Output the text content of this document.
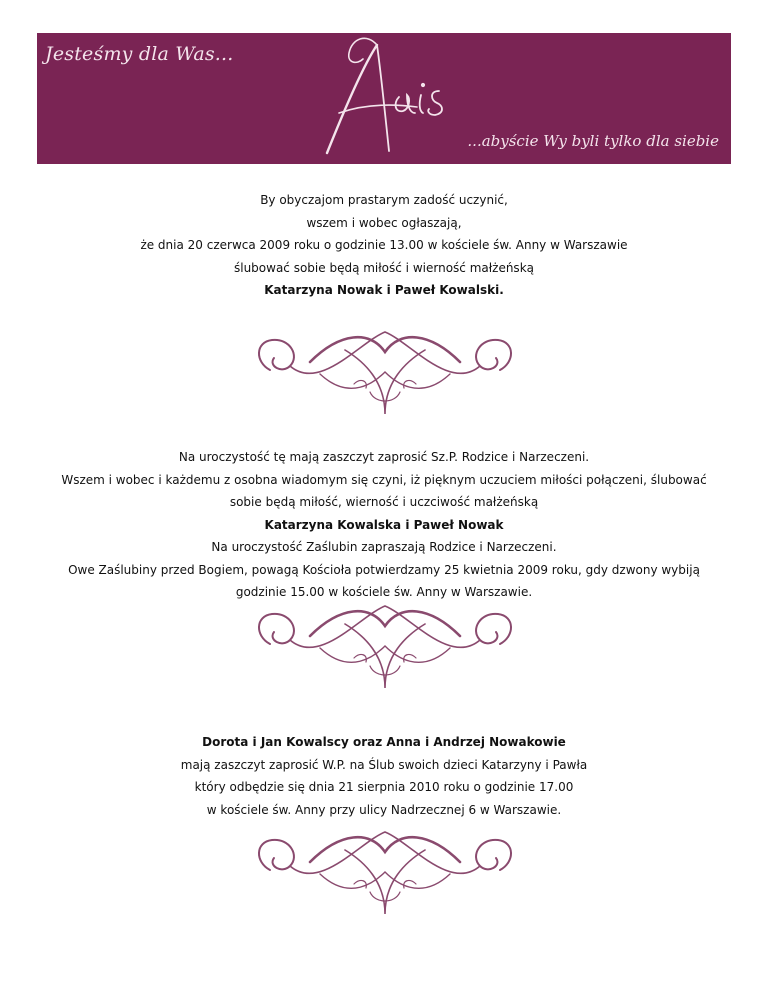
Jesteśmy dla Was...
...abyście Wy byli tylko dla siebie
By obyczajom prastarym zadość uczynić,
wszem i wobec ogłaszają,
że dnia 20 czerwca 2009 roku o godzinie 13.00 w kościele św. Anny w Warszawie
ślubować sobie będą miłość i wierność małżeńską
Katarzyna Nowak i Paweł Kowalski.
Na uroczystość tę mają zaszczyt zaprosić Sz.P. Rodzice i Narzeczeni.
Wszem i wobec i każdemu z osobna wiadomym się czyni, iż pięknym uczuciem miłości połączeni, ślubować
sobie będą miłość, wierność i uczciwość małżeńską
Katarzyna Kowalska i Paweł Nowak
Na uroczystość Zaślubin zapraszają Rodzice i Narzeczeni.
Owe Zaślubiny przed Bogiem, powagą Kościoła potwierdzamy 25 kwietnia 2009 roku, gdy dzwony wybiją
godzinie 15.00 w kościele św. Anny w Warszawie.
Dorota i Jan Kowalscy oraz Anna i Andrzej Nowakowie
mają zaszczyt zaprosić W.P. na Ślub swoich dzieci Katarzyny i Pawła
który odbędzie się dnia 21 sierpnia 2010 roku o godzinie 17.00
w kościele św. Anny przy ulicy Nadrzecznej 6 w Warszawie.
